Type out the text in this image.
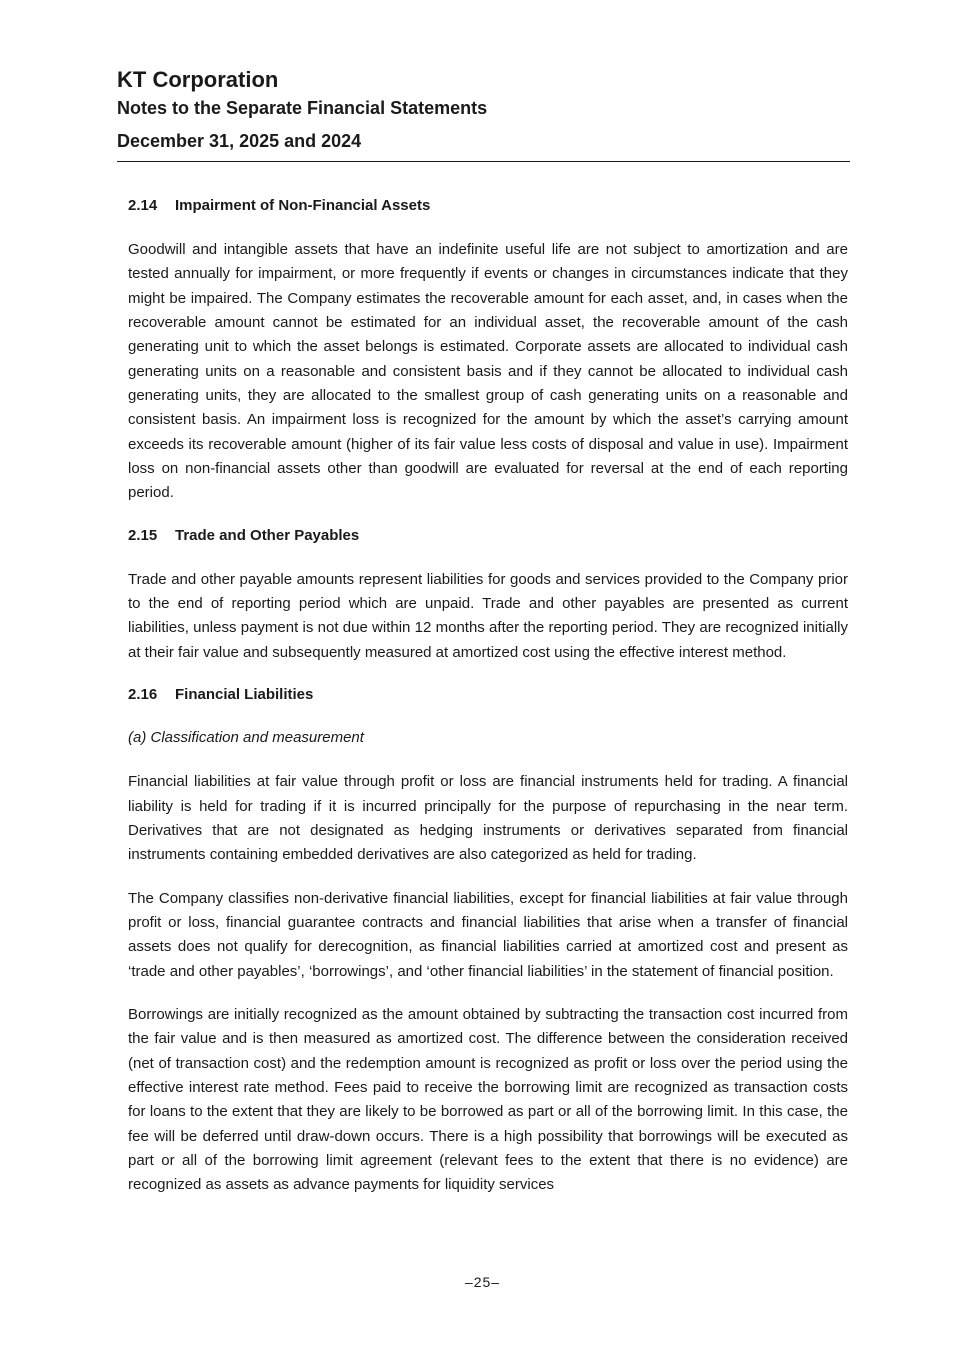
KT Corporation
Notes to the Separate Financial Statements
December 31, 2025 and 2024
2.14	Impairment of Non-Financial Assets

Goodwill and intangible assets that have an indefinite useful life are not subject to amortization and are tested annually for impairment, or more frequently if events or changes in circumstances indicate that they might be impaired. The Company estimates the recoverable amount for each asset, and, in cases when the recoverable amount cannot be estimated for an individual asset, the recoverable amount of the cash generating unit to which the asset belongs is estimated. Corporate assets are allocated to individual cash generating units on a reasonable and consistent basis and if they cannot be allocated to individual cash generating units, they are allocated to the smallest group of cash generating units on a reasonable and consistent basis. An impairment loss is recognized for the amount by which the asset’s carrying amount exceeds its recoverable amount (higher of its fair value less costs of disposal and value in use). Impairment loss on non-financial assets other than goodwill are evaluated for reversal at the end of each reporting period.

2.15	Trade and Other Payables

Trade and other payable amounts represent liabilities for goods and services provided to the Company prior to the end of reporting period which are unpaid. Trade and other payables are presented as current liabilities, unless payment is not due within 12 months after the reporting period. They are recognized initially at their fair value and subsequently measured at amortized cost using the effective interest method.

2.16	Financial Liabilities
(a) Classification and measurement

Financial liabilities at fair value through profit or loss are financial instruments held for trading. A financial liability is held for trading if it is incurred principally for the purpose of repurchasing in the near term. Derivatives that are not designated as hedging instruments or derivatives separated from financial instruments containing embedded derivatives are also categorized as held for trading.

The Company classifies non-derivative financial liabilities, except for financial liabilities at fair value through profit or loss, financial guarantee contracts and financial liabilities that arise when a transfer of financial assets does not qualify for derecognition, as financial liabilities carried at amortized cost and present as ‘trade and other payables’, ‘borrowings’, and ‘other financial liabilities’ in the statement of financial position.

Borrowings are initially recognized as the amount obtained by subtracting the transaction cost incurred from the fair value and is then measured as amortized cost. The difference between the consideration received (net of transaction cost) and the redemption amount is recognized as profit or loss over the period using the effective interest rate method. Fees paid to receive the borrowing limit are recognized as transaction costs for loans to the extent that they are likely to be borrowed as part or all of the borrowing limit. In this case, the fee will be deferred until draw-down occurs. There is a high possibility that borrowings will be executed as part or all of the borrowing limit agreement (relevant fees to the extent that there is no evidence) are recognized as assets as advance payments for liquidity services

–25–
